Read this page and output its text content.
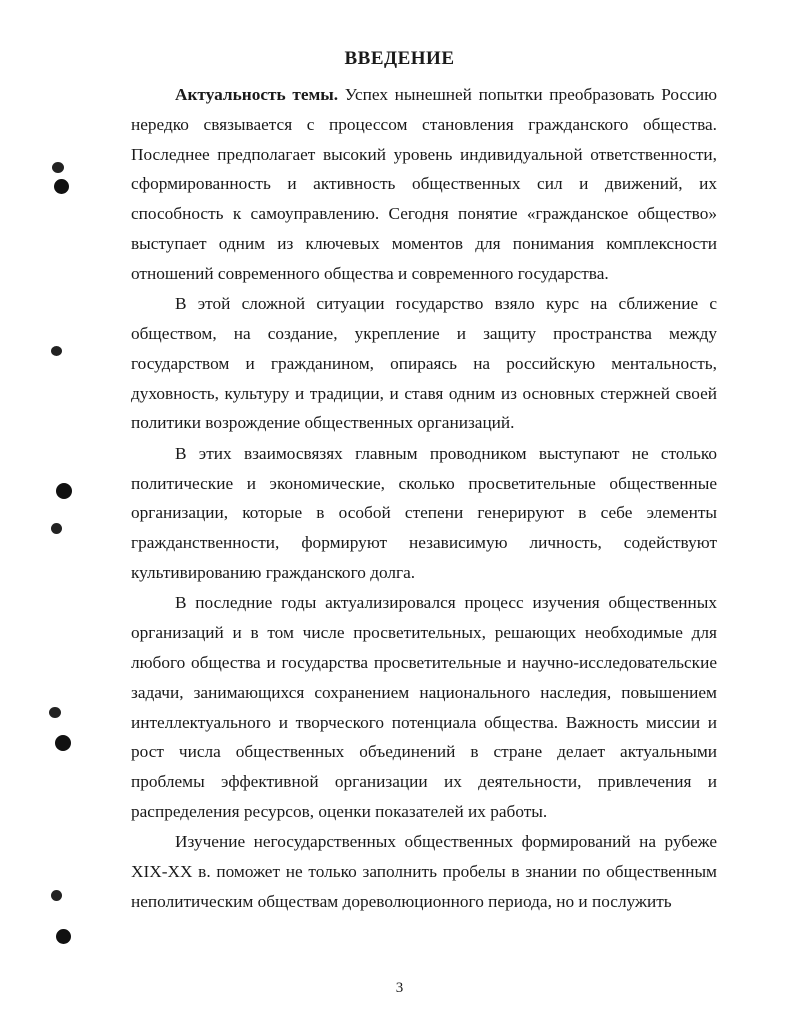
ВВЕДЕНИЕ

Актуальность темы. Успех нынешней попытки преобразовать Россию нередко связывается с процессом становления гражданского общества. Последнее предполагает высокий уровень индивидуальной ответственности, сформированность и активность общественных сил и движений, их способность к самоуправлению. Сегодня понятие «гражданское общество» выступает одним из ключевых моментов для понимания комплексности отношений современного общества и современного государства.

В этой сложной ситуации государство взяло курс на сближение с обществом, на создание, укрепление и защиту пространства между государством и гражданином, опираясь на российскую ментальность, духовность, культуру и традиции, и ставя одним из основных стержней своей политики возрождение общественных организаций.

В этих взаимосвязях главным проводником выступают не столько политические и экономические, сколько просветительные общественные организации, которые в особой степени генерируют в себе элементы гражданственности, формируют независимую личность, содействуют культивированию гражданского долга.

В последние годы актуализировался процесс изучения общественных организаций и в том числе просветительных, решающих необходимые для любого общества и государства просветительные и научно-исследовательские задачи, занимающихся сохранением национального наследия, повышением интеллектуального и творческого потенциала общества. Важность миссии и рост числа общественных объединений в стране делает актуальными проблемы эффективной организации их деятельности, привлечения и распределения ресурсов, оценки показателей их работы.

Изучение негосударственных общественных формирований на рубеже XIX-XX в. поможет не только заполнить пробелы в знании по общественным неполитическим обществам дореволюционного периода, но и послужить

3
